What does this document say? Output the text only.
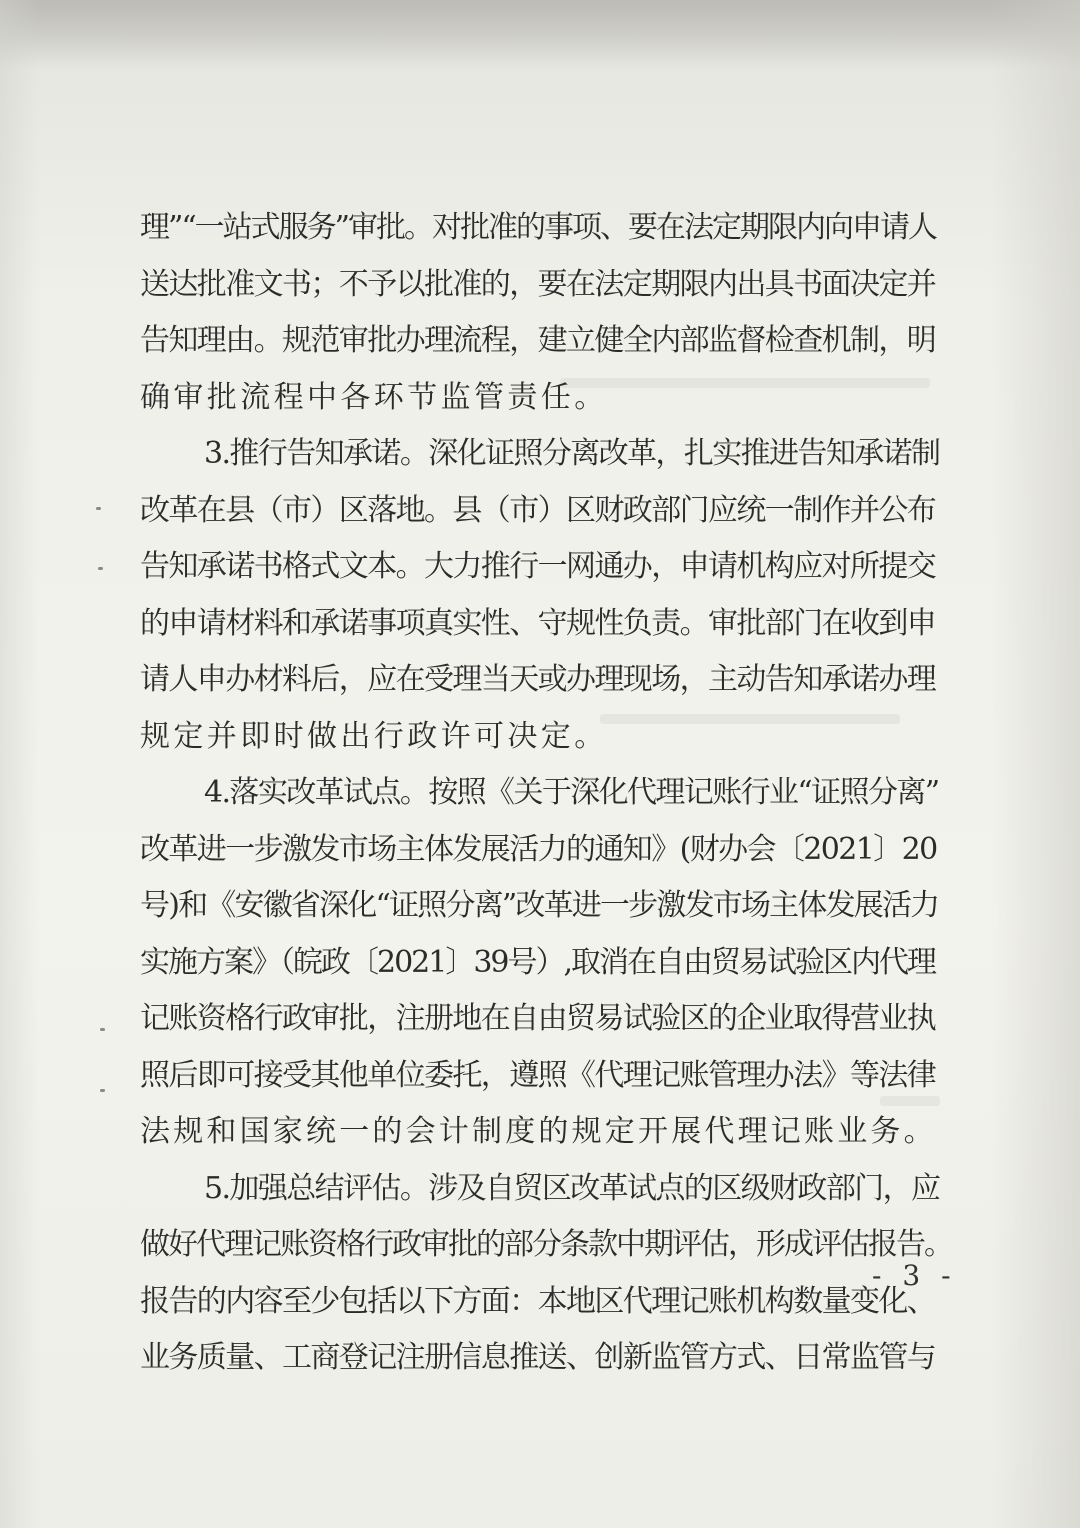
理”“一站式服务”审批。对批准的事项、要在法定期限内向申请人
送达批准文书；不予以批准的，要在法定期限内出具书面决定并
告知理由。规范审批办理流程，建立健全内部监督检查机制，明
确审批流程中各环节监管责任。
3.推行告知承诺。深化证照分离改革，扎实推进告知承诺制
改革在县（市）区落地。县（市）区财政部门应统一制作并公布
告知承诺书格式文本。大力推行一网通办，申请机构应对所提交
的申请材料和承诺事项真实性、守规性负责。审批部门在收到申
请人申办材料后，应在受理当天或办理现场，主动告知承诺办理
规定并即时做出行政许可决定。
4.落实改革试点。按照《关于深化代理记账行业“证照分离”
改革进一步激发市场主体发展活力的通知》(财办会〔2021〕20
号)和《安徽省深化“证照分离”改革进一步激发市场主体发展活力
实施方案》（皖政〔2021〕39号）,取消在自由贸易试验区内代理
记账资格行政审批，注册地在自由贸易试验区的企业取得营业执
照后即可接受其他单位委托，遵照《代理记账管理办法》等法律
法规和国家统一的会计制度的规定开展代理记账业务。
5.加强总结评估。涉及自贸区改革试点的区级财政部门，应
做好代理记账资格行政审批的部分条款中期评估，形成评估报告。
报告的内容至少包括以下方面：本地区代理记账机构数量变化、
业务质量、工商登记注册信息推送、创新监管方式、日常监管与
- 3 -
